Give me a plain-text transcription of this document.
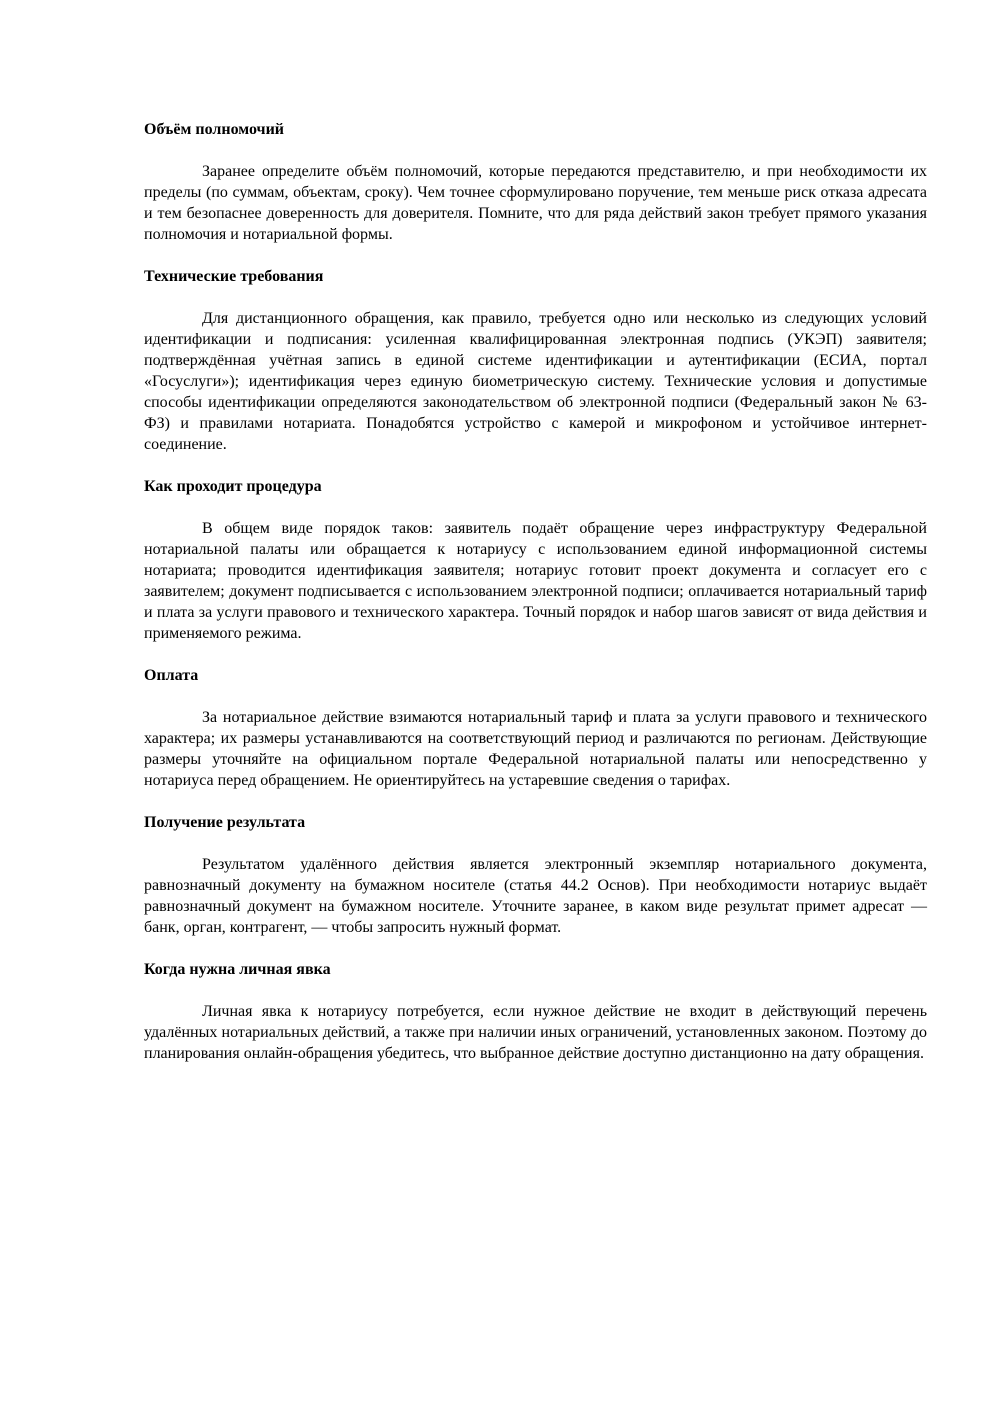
Объём полномочий

Заранее определите объём полномочий, которые передаются представителю, и при необходимости их пределы (по суммам, объектам, сроку). Чем точнее сформулировано поручение, тем меньше риск отказа адресата и тем безопаснее доверенность для доверителя. Помните, что для ряда действий закон требует прямого указания полномочия и нотариальной формы.

Технические требования

Для дистанционного обращения, как правило, требуется одно или несколько из следующих условий идентификации и подписания: усиленная квалифицированная электронная подпись (УКЭП) заявителя; подтверждённая учётная запись в единой системе идентификации и аутентификации (ЕСИА, портал «Госуслуги»); идентификация через единую биометрическую систему. Технические условия и допустимые способы идентификации определяются законодательством об электронной подписи (Федеральный закон № 63-ФЗ) и правилами нотариата. Понадобятся устройство с камерой и микрофоном и устойчивое интернет-соединение.

Как проходит процедура

В общем виде порядок таков: заявитель подаёт обращение через инфраструктуру Федеральной нотариальной палаты или обращается к нотариусу с использованием единой информационной системы нотариата; проводится идентификация заявителя; нотариус готовит проект документа и согласует его с заявителем; документ подписывается с использованием электронной подписи; оплачивается нотариальный тариф и плата за услуги правового и технического характера. Точный порядок и набор шагов зависят от вида действия и применяемого режима.

Оплата

За нотариальное действие взимаются нотариальный тариф и плата за услуги правового и технического характера; их размеры устанавливаются на соответствующий период и различаются по регионам. Действующие размеры уточняйте на официальном портале Федеральной нотариальной палаты или непосредственно у нотариуса перед обращением. Не ориентируйтесь на устаревшие сведения о тарифах.

Получение результата

Результатом удалённого действия является электронный экземпляр нотариального документа, равнозначный документу на бумажном носителе (статья 44.2 Основ). При необходимости нотариус выдаёт равнозначный документ на бумажном носителе. Уточните заранее, в каком виде результат примет адресат — банк, орган, контрагент, — чтобы запросить нужный формат.

Когда нужна личная явка

Личная явка к нотариусу потребуется, если нужное действие не входит в действующий перечень удалённых нотариальных действий, а также при наличии иных ограничений, установленных законом. Поэтому до планирования онлайн-обращения убедитесь, что выбранное действие доступно дистанционно на дату обращения.
